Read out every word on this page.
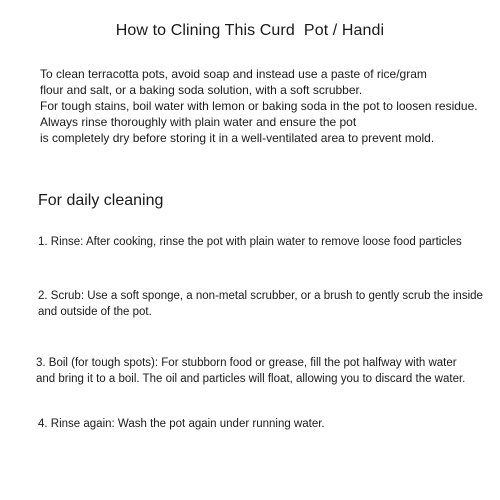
How to Clining This Curd  Pot / Handi
To clean terracotta pots, avoid soap and instead use a paste of rice/gram
flour and salt, or a baking soda solution, with a soft scrubber.
For tough stains, boil water with lemon or baking soda in the pot to loosen residue.
Always rinse thoroughly with plain water and ensure the pot
is completely dry before storing it in a well-ventilated area to prevent mold.
For daily cleaning
1. Rinse: After cooking, rinse the pot with plain water to remove loose food particles
2. Scrub: Use a soft sponge, a non-metal scrubber, or a brush to gently scrub the inside
and outside of the pot.
3. Boil (for tough spots): For stubborn food or grease, fill the pot halfway with water
and bring it to a boil. The oil and particles will float, allowing you to discard the water.
4. Rinse again: Wash the pot again under running water.
